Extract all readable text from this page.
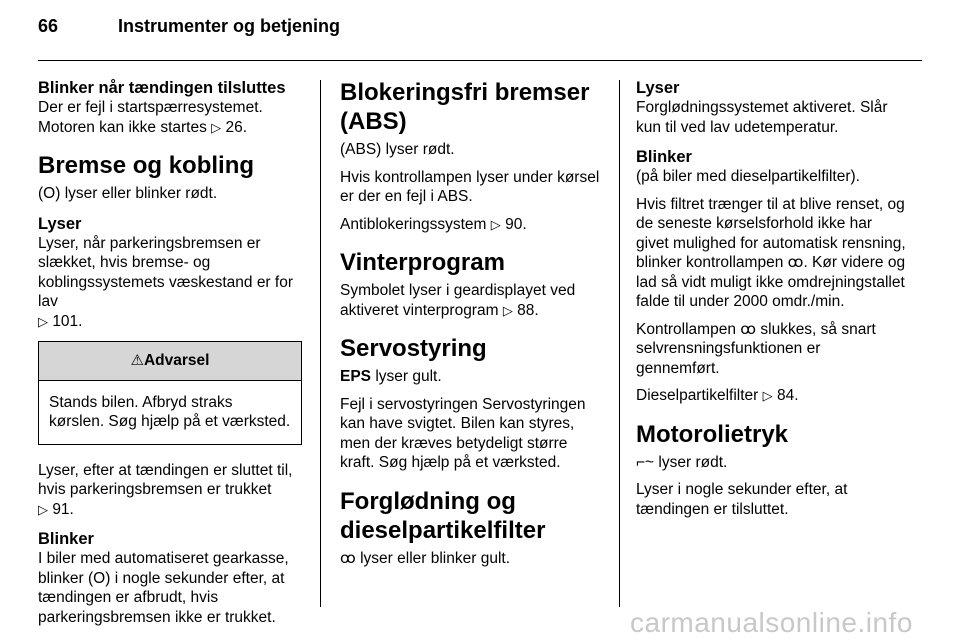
66	Instrumenter og betjening
Blinker når tændingen tilsluttes

Der er fejl i startspærresystemet. Motoren kan ikke startes ▷ 26.

Bremse og kobling

(O) lyser eller blinker rødt.

Lyser

Lyser, når parkeringsbremsen er slækket, hvis bremse- og koblingssystemets væskestand er for lav
▷ 101.

⚠Advarsel
Stands bilen. Afbryd straks kørslen. Søg hjælp på et værksted.

Lyser, efter at tændingen er sluttet til, hvis parkeringsbremsen er trukket
▷ 91.

Blinker

I biler med automatiseret gearkasse, blinker (O) i nogle sekunder efter, at tændingen er afbrudt, hvis parkeringsbremsen ikke er trukket.

Blokeringsfri bremser (ABS)

(ABS) lyser rødt.

Hvis kontrollampen lyser under kørsel er der en fejl i ABS.

Antiblokeringssystem ▷ 90.

Vinterprogram

Symbolet lyser i geardisplayet ved aktiveret vinterprogram ▷ 88.

Servostyring

EPS lyser gult.

Fejl i servostyringen Servostyringen kan have svigtet. Bilen kan styres, men der kræves betydeligt større kraft. Søg hjælp på et værksted.

Forglødning og dieselpartikelfilter

ꝏ lyser eller blinker gult.

Lyser

Forglødningssystemet aktiveret. Slår kun til ved lav udetemperatur.

Blinker

(på biler med dieselpartikelfilter).

Hvis filtret trænger til at blive renset, og de seneste kørselsforhold ikke har givet mulighed for automatisk rensning, blinker kontrollampen ꝏ. Kør videre og lad så vidt muligt ikke omdrejningstallet falde til under 2000 omdr./min.

Kontrollampen ꝏ slukkes, så snart selvrensningsfunktionen er gennemført.

Dieselpartikelfilter ▷ 84.

Motorolietryk

⌐~ lyser rødt.

Lyser i nogle sekunder efter, at tændingen er tilsluttet.

carmanualsonline.info
